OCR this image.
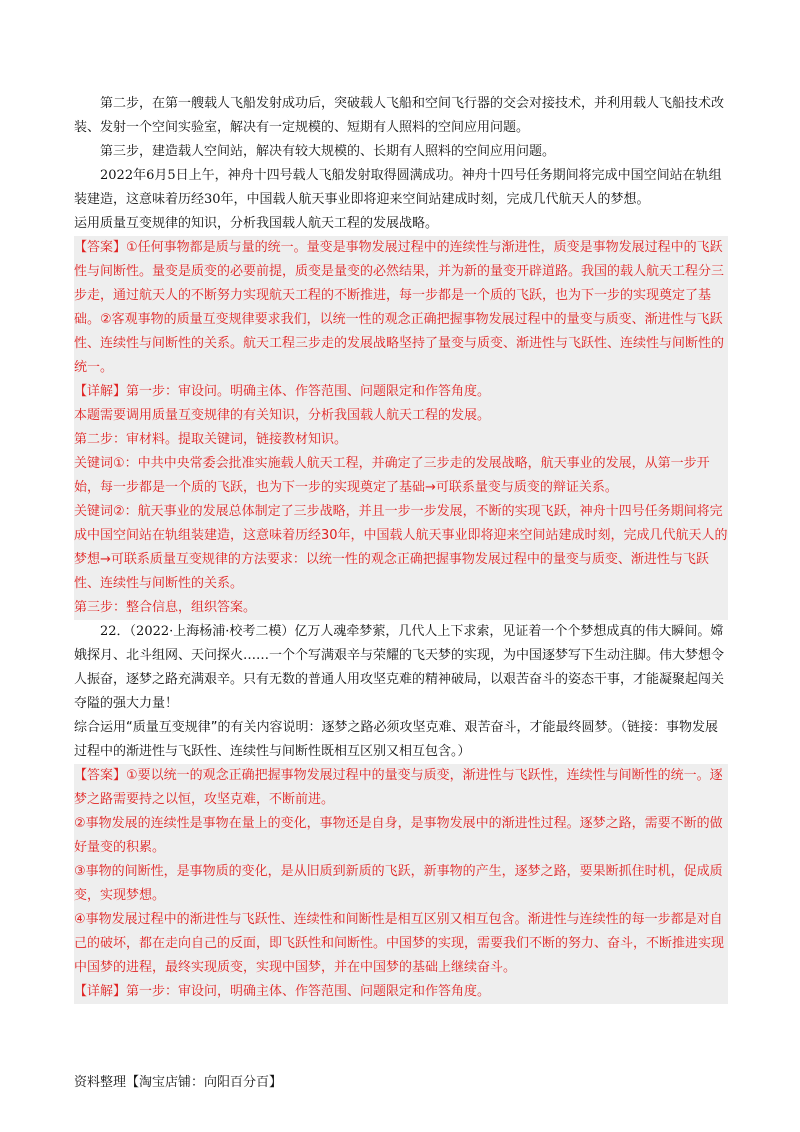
第二步，在第一艘载人飞船发射成功后，突破载人飞船和空间飞行器的交会对接技术，并利用载人飞船技术改装、发射一个空间实验室，解决有一定规模的、短期有人照料的空间应用问题。

第三步，建造载人空间站，解决有较大规模的、长期有人照料的空间应用问题。

2022年6月5日上午，神舟十四号载人飞船发射取得圆满成功。神舟十四号任务期间将完成中国空间站在轨组装建造，这意味着历经30年，中国载人航天事业即将迎来空间站建成时刻，完成几代航天人的梦想。

运用质量互变规律的知识，分析我国载人航天工程的发展战略。

【答案】①任何事物都是质与量的统一。量变是事物发展过程中的连续性与渐进性，质变是事物发展过程中的飞跃性与间断性。量变是质变的必要前提，质变是量变的必然结果，并为新的量变开辟道路。我国的载人航天工程分三步走，通过航天人的不断努力实现航天工程的不断推进，每一步都是一个质的飞跃，也为下一步的实现奠定了基础。②客观事物的质量互变规律要求我们，以统一性的观念正确把握事物发展过程中的量变与质变、渐进性与飞跃性、连续性与间断性的关系。航天工程三步走的发展战略坚持了量变与质变、渐进性与飞跃性、连续性与间断性的统一。

【详解】第一步：审设问。明确主体、作答范围、问题限定和作答角度。

本题需要调用质量互变规律的有关知识，分析我国载人航天工程的发展。

第二步：审材料。提取关键词，链接教材知识。

关键词①：中共中央常委会批准实施载人航天工程，并确定了三步走的发展战略，航天事业的发展，从第一步开始，每一步都是一个质的飞跃，也为下一步的实现奠定了基础→可联系量变与质变的辩证关系。

关键词②：航天事业的发展总体制定了三步战略，并且一步一步发展，不断的实现飞跃，神舟十四号任务期间将完成中国空间站在轨组装建造，这意味着历经30年，中国载人航天事业即将迎来空间站建成时刻，完成几代航天人的梦想→可联系质量互变规律的方法要求：以统一性的观念正确把握事物发展过程中的量变与质变、渐进性与飞跃性、连续性与间断性的关系。

第三步：整合信息，组织答案。

22．（2022·上海杨浦·校考二模）亿万人魂牵梦萦，几代人上下求索，见证着一个个梦想成真的伟大瞬间。嫦娥探月、北斗组网、天问探火……一个个写满艰辛与荣耀的飞天梦的实现，为中国逐梦写下生动注脚。伟大梦想令人振奋，逐梦之路充满艰辛。只有无数的普通人用攻坚克难的精神破局，以艰苦奋斗的姿态干事，才能凝聚起闯关夺隘的强大力量！

综合运用“质量互变规律”的有关内容说明：逐梦之路必须攻坚克难、艰苦奋斗，才能最终圆梦。（链接：事物发展过程中的渐进性与飞跃性、连续性与间断性既相互区别又相互包含。）

【答案】①要以统一的观念正确把握事物发展过程中的量变与质变，渐进性与飞跃性，连续性与间断性的统一。逐梦之路需要持之以恒，攻坚克难，不断前进。

②事物发展的连续性是事物在量上的变化，事物还是自身，是事物发展中的渐进性过程。逐梦之路，需要不断的做好量变的积累。

③事物的间断性，是事物质的变化，是从旧质到新质的飞跃，新事物的产生，逐梦之路，要果断抓住时机，促成质变，实现梦想。

④事物发展过程中的渐进性与飞跃性、连续性和间断性是相互区别又相互包含。渐进性与连续性的每一步都是对自己的破坏，都在走向自己的反面，即飞跃性和间断性。中国梦的实现，需要我们不断的努力、奋斗，不断推进实现中国梦的进程，最终实现质变，实现中国梦，并在中国梦的基础上继续奋斗。

【详解】第一步：审设问，明确主体、作答范围、问题限定和作答角度。

资料整理【淘宝店铺：向阳百分百】
